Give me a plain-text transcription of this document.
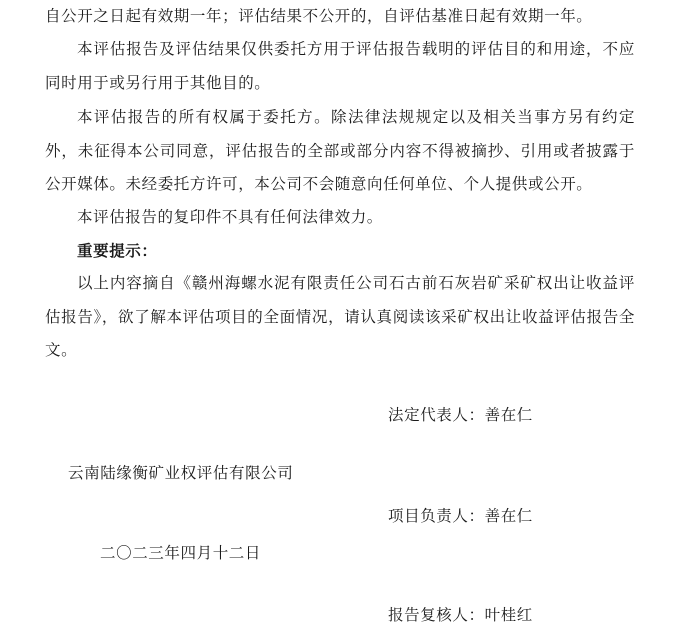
自公开之日起有效期一年；评估结果不公开的，自评估基准日起有效期一年。

本评估报告及评估结果仅供委托方用于评估报告载明的评估目的和用途，不应同时用于或另行用于其他目的。

本评估报告的所有权属于委托方。除法律法规规定以及相关当事方另有约定外，未征得本公司同意，评估报告的全部或部分内容不得被摘抄、引用或者披露于公开媒体。未经委托方许可，本公司不会随意向任何单位、个人提供或公开。

本评估报告的复印件不具有任何法律效力。

重要提示：

以上内容摘自《赣州海螺水泥有限责任公司石古前石灰岩矿采矿权出让收益评估报告》，欲了解本评估项目的全面情况，请认真阅读该采矿权出让收益评估报告全文。

法定代表人：善在仁
云南陆缘衡矿业权评估有限公司
项目负责人：善在仁
二〇二三年四月十二日
报告复核人：叶桂红
